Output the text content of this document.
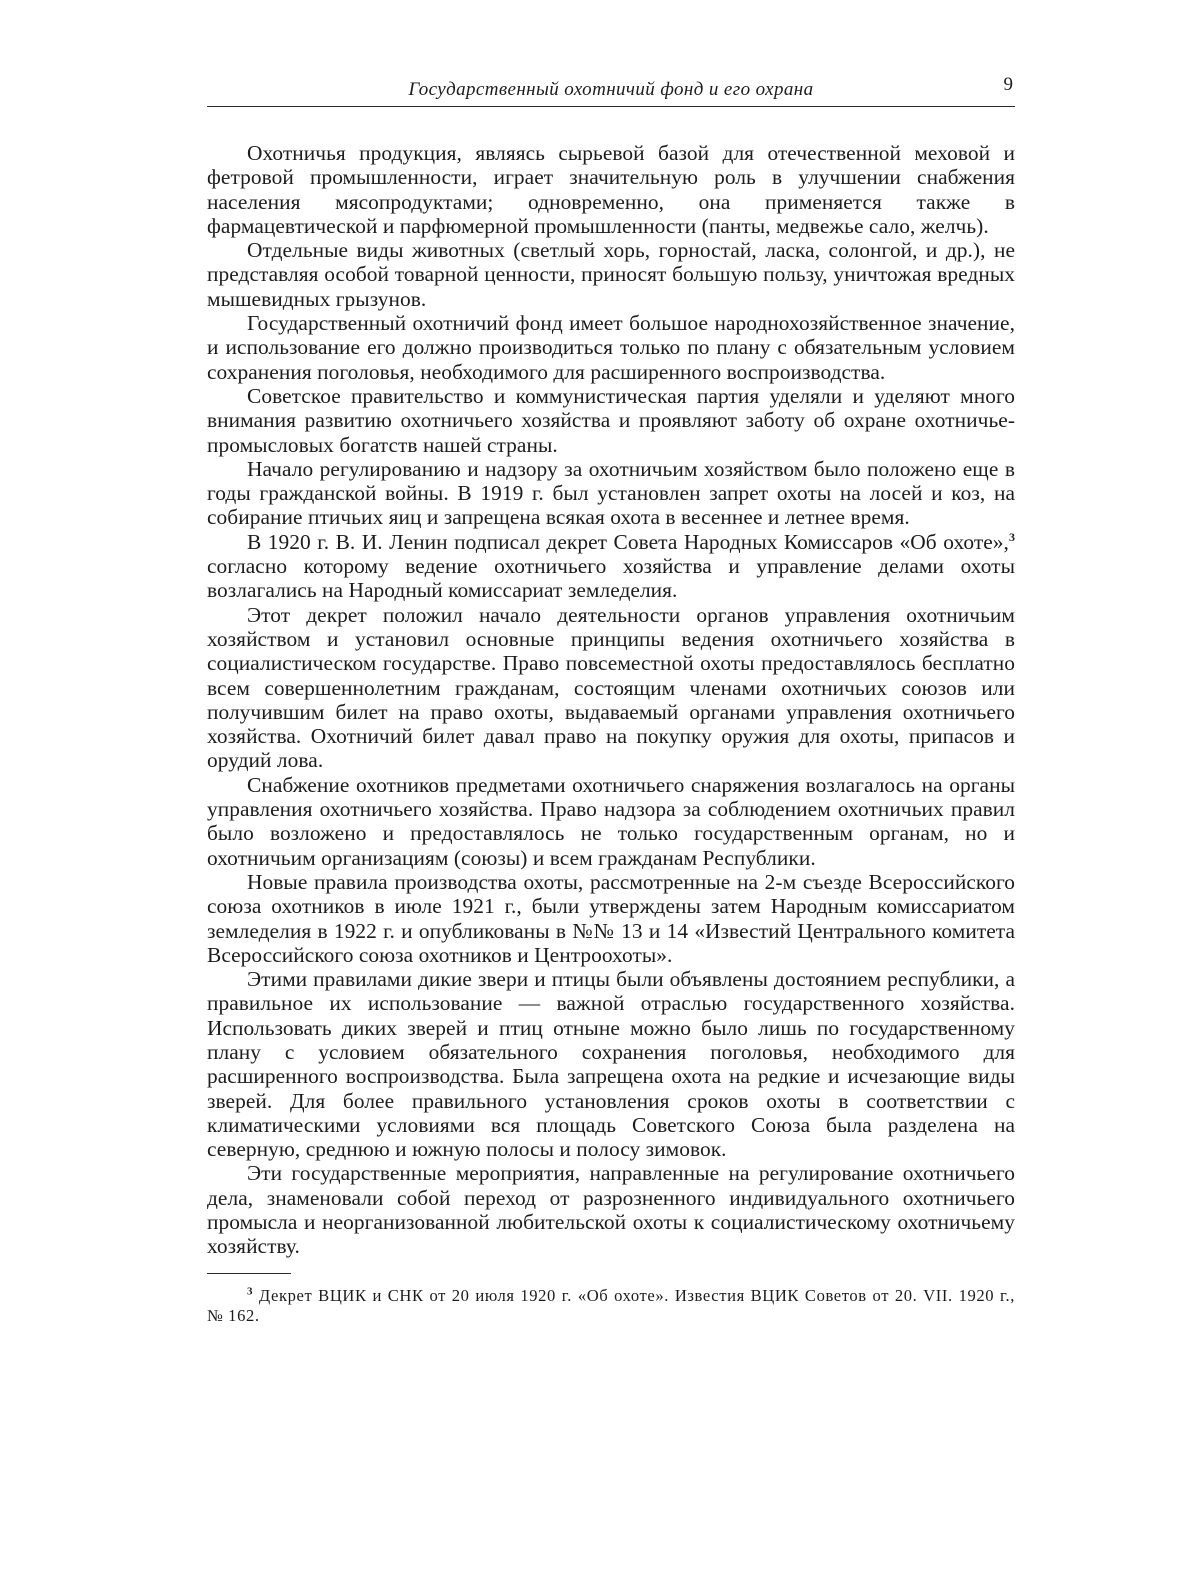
Государственный охотничий фонд и его охрана	9

Охотничья продукция, являясь сырьевой базой для отечественной меховой и фетровой промышленности, играет значительную роль в улучшении снабжения населения мясопродуктами; одновременно, она применяется также в фармацевтической и парфюмерной промышленности (панты, медвежье сало, желчь).

Отдельные виды животных (светлый хорь, горностай, ласка, солонгой, и др.), не представляя особой товарной ценности, приносят большую пользу, уничтожая вредных мышевидных грызунов.

Государственный охотничий фонд имеет большое народнохозяйственное значение, и использование его должно производиться только по плану с обязательным условием сохранения поголовья, необходимого для расширенного воспроизводства.

Советское правительство и коммунистическая партия уделяли и уделяют много внимания развитию охотничьего хозяйства и проявляют заботу об охране охотничье-промысловых богатств нашей страны.

Начало регулированию и надзору за охотничьим хозяйством было положено еще в годы гражданской войны. В 1919 г. был установлен запрет охоты на лосей и коз, на собирание птичьих яиц и запрещена всякая охота в весеннее и летнее время.

В 1920 г. В. И. Ленин подписал декрет Совета Народных Комиссаров «Об охоте»,$^3$ согласно которому ведение охотничьего хозяйства и управление делами охоты возлагались на Народный комиссариат земледелия.

Этот декрет положил начало деятельности органов управления охотничьим хозяйством и установил основные принципы ведения охотничьего хозяйства в социалистическом государстве. Право повсеместной охоты предоставлялось бесплатно всем совершеннолетним гражданам, состоящим членами охотничьих союзов или получившим билет на право охоты, выдаваемый органами управления охотничьего хозяйства. Охотничий билет давал право на покупку оружия для охоты, припасов и орудий лова.

Снабжение охотников предметами охотничьего снаряжения возлагалось на органы управления охотничьего хозяйства. Право надзора за соблюдением охотничьих правил было возложено и предоставлялось не только государственным органам, но и охотничьим организациям (союзы) и всем гражданам Республики.

Новые правила производства охоты, рассмотренные на 2-м съезде Всероссийского союза охотников в июле 1921 г., были утверждены затем Народным комиссариатом земледелия в 1922 г. и опубликованы в №№ 13 и 14 «Известий Центрального комитета Всероссийского союза охотников и Центроохоты».

Этими правилами дикие звери и птицы были объявлены достоянием республики, а правильное их использование — важной отраслью государственного хозяйства. Использовать диких зверей и птиц отныне можно было лишь по государственному плану с условием обязательного сохранения поголовья, необходимого для расширенного воспроизводства. Была запрещена охота на редкие и исчезающие виды зверей. Для более правильного установления сроков охоты в соответствии с климатическими условиями вся площадь Советского Союза была разделена на северную, среднюю и южную полосы и полосу зимовок.

Эти государственные мероприятия, направленные на регулирование охотничьего дела, знаменовали собой переход от разрозненного индивидуального охотничьего промысла и неорганизованной любительской охоты к социалистическому охотничьему хозяйству.

$^3$ Декрет ВЦИК и СНК от 20 июля 1920 г. «Об охоте». Известия ВЦИК Советов от 20. VII. 1920 г., № 162.
